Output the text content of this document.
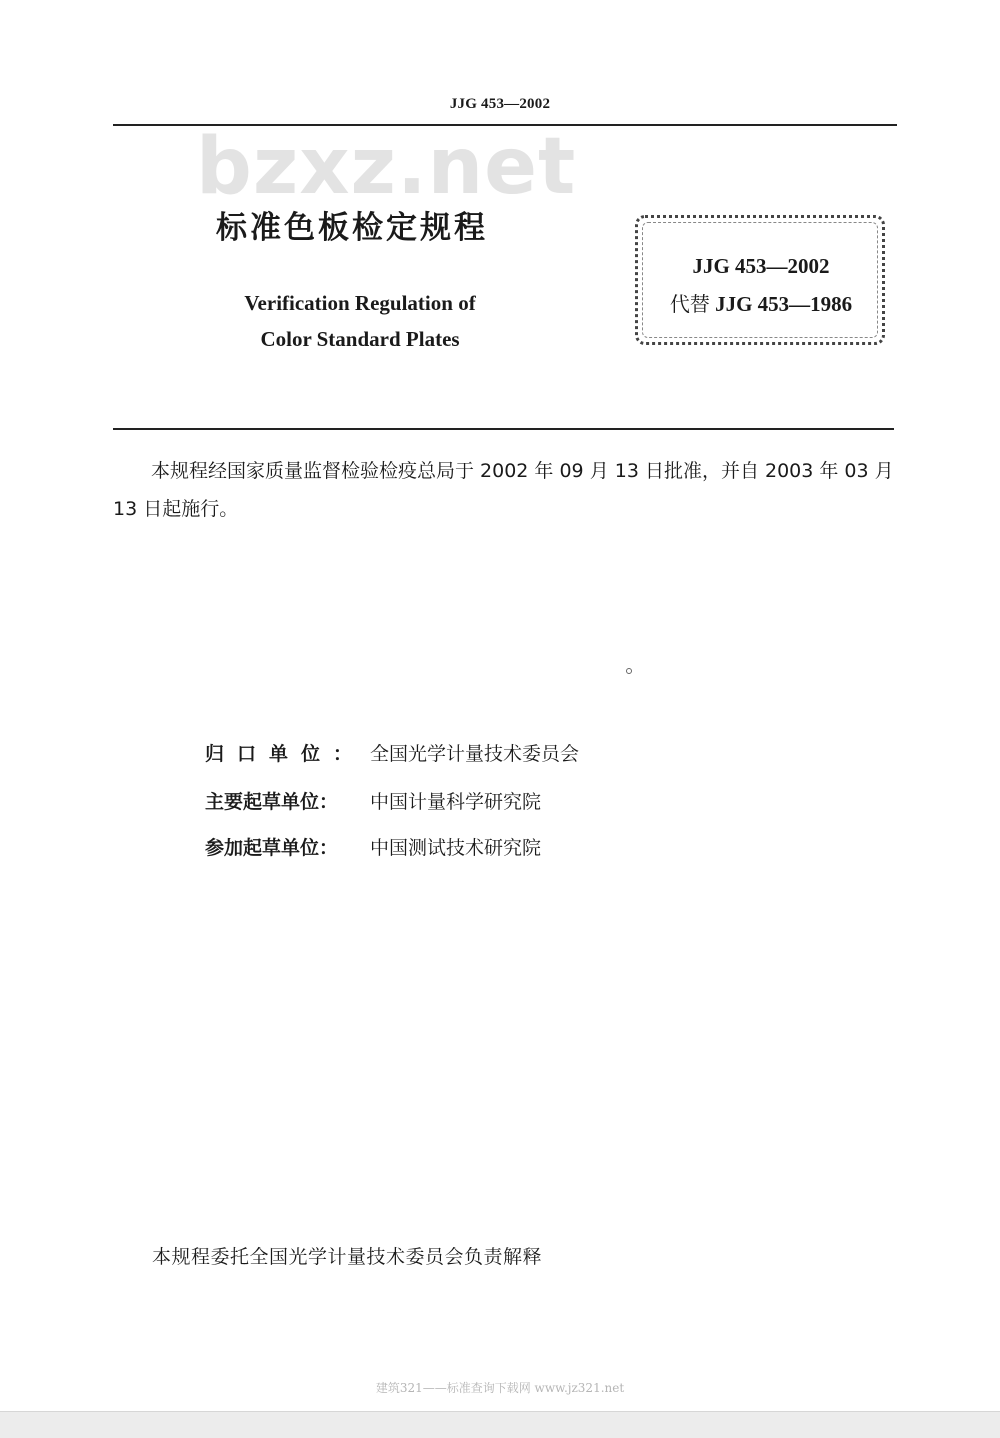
JJG 453—2002
bzxz.net
标准色板检定规程
Verification Regulation of
Color Standard Plates
JJG 453—2002
代替 JJG 453—1986
本规程经国家质量监督检验检疫总局于 2002 年 09 月 13 日批准，并自 2003 年 03 月 13 日起施行。
归口单位： 全国光学计量技术委员会
主要起草单位： 中国计量科学研究院
参加起草单位： 中国测试技术研究院
本规程委托全国光学计量技术委员会负责解释
建筑321——标准查询下载网 www.jz321.net
